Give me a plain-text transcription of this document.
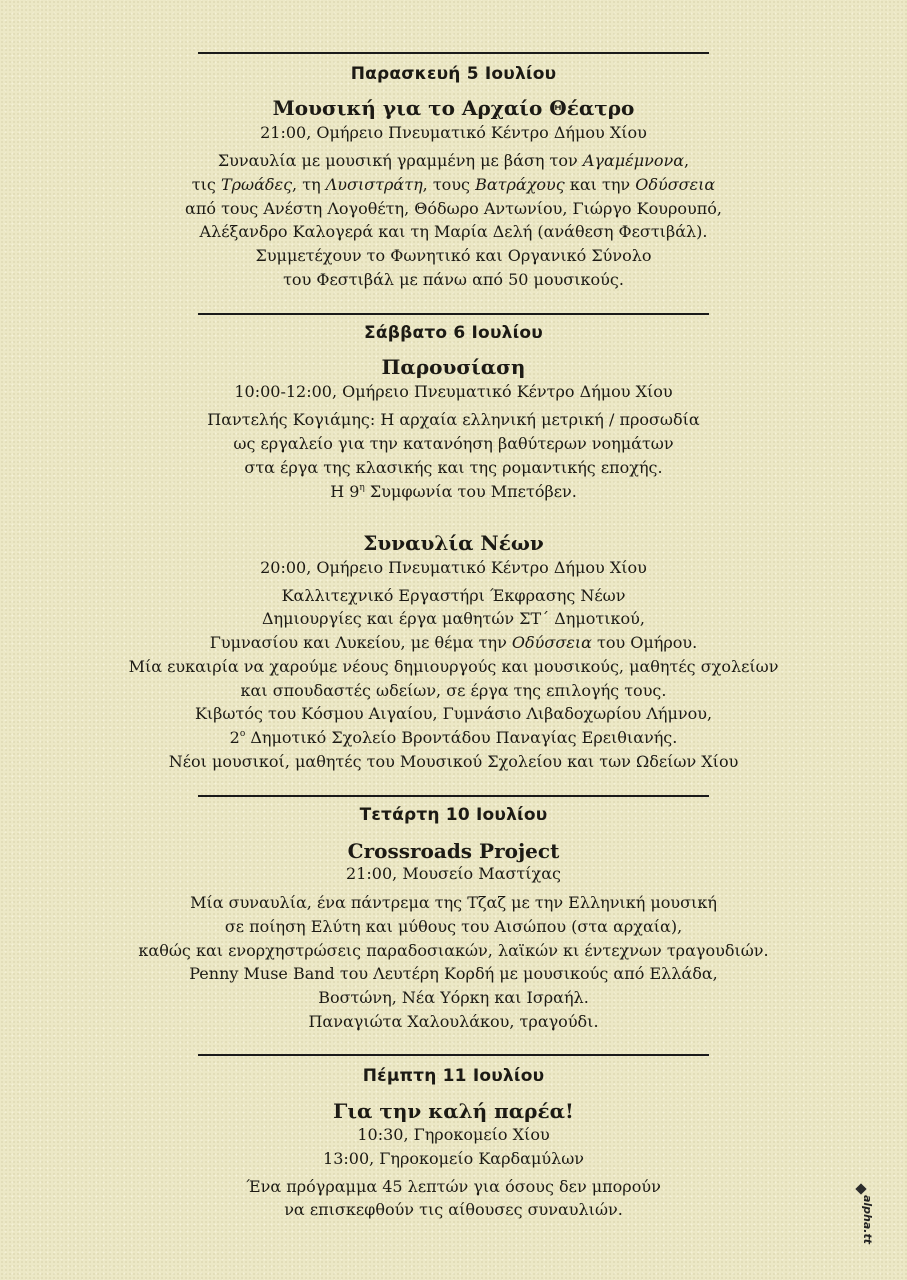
Παρασκευή 5 Ιουλίου
Μουσική για το Αρχαίο Θέατρο
21:00, Ομήρειο Πνευματικό Κέντρο Δήμου Χίου
Συναυλία με μουσική γραμμένη με βάση τον Αγαμέμνονα,
τις Τρωάδες, τη Λυσιστράτη, τους Βατράχους και την Οδύσσεια
από τους Ανέστη Λογοθέτη, Θόδωρο Αντωνίου, Γιώργο Κουρουπό,
Αλέξανδρο Καλογερά και τη Μαρία Δελή (ανάθεση Φεστιβάλ).
Συμμετέχουν το Φωνητικό και Οργανικό Σύνολο
του Φεστιβάλ με πάνω από 50 μουσικούς.
Σάββατο 6 Ιουλίου
Παρουσίαση
10:00-12:00, Ομήρειο Πνευματικό Κέντρο Δήμου Χίου
Παντελής Κογιάμης: Η αρχαία ελληνική μετρική / προσωδία
ως εργαλείο για την κατανόηση βαθύτερων νοημάτων
στα έργα της κλασικής και της ρομαντικής εποχής.
Η $9^\eta$ Συμφωνία του Μπετόβεν.
Συναυλία Νέων
20:00, Ομήρειο Πνευματικό Κέντρο Δήμου Χίου
Καλλιτεχνικό Εργαστήρι Έκφρασης Νέων
Δημιουργίες και έργα μαθητών ΣΤ΄ Δημοτικού,
Γυμνασίου και Λυκείου, με θέμα την Οδύσσεια του Ομήρου.
Μία ευκαιρία να χαρούμε νέους δημιουργούς και μουσικούς, μαθητές σχολείων
και σπουδαστές ωδείων, σε έργα της επιλογής τους.
Κιβωτός του Κόσμου Αιγαίου, Γυμνάσιο Λιβαδοχωρίου Λήμνου,
$2^o$ Δημοτικό Σχολείο Βροντάδου Παναγίας Ερειθιανής.
Νέοι μουσικοί, μαθητές του Μουσικού Σχολείου και των Ωδείων Χίου
Τετάρτη 10 Ιουλίου
Crossroads Project
21:00, Μουσείο Μαστίχας
Μία συναυλία, ένα πάντρεμα της Τζαζ με την Ελληνική μουσική
σε ποίηση Ελύτη και μύθους του Αισώπου (στα αρχαία),
καθώς και ενορχηστρώσεις παραδοσιακών, λαϊκών κι έντεχνων τραγουδιών.
Penny Muse Band του Λευτέρη Κορδή με μουσικούς από Ελλάδα,
Βοστώνη, Νέα Υόρκη και Ισραήλ.
Παναγιώτα Χαλουλάκου, τραγούδι.
Πέμπτη 11 Ιουλίου
Για την καλή παρέα!
10:30, Γηροκομείο Χίου
13:00, Γηροκομείο Καρδαμύλων
Ένα πρόγραμμα 45 λεπτών για όσους δεν μπορούν
να επισκεφθούν τις αίθουσες συναυλιών.	alpha.tt
